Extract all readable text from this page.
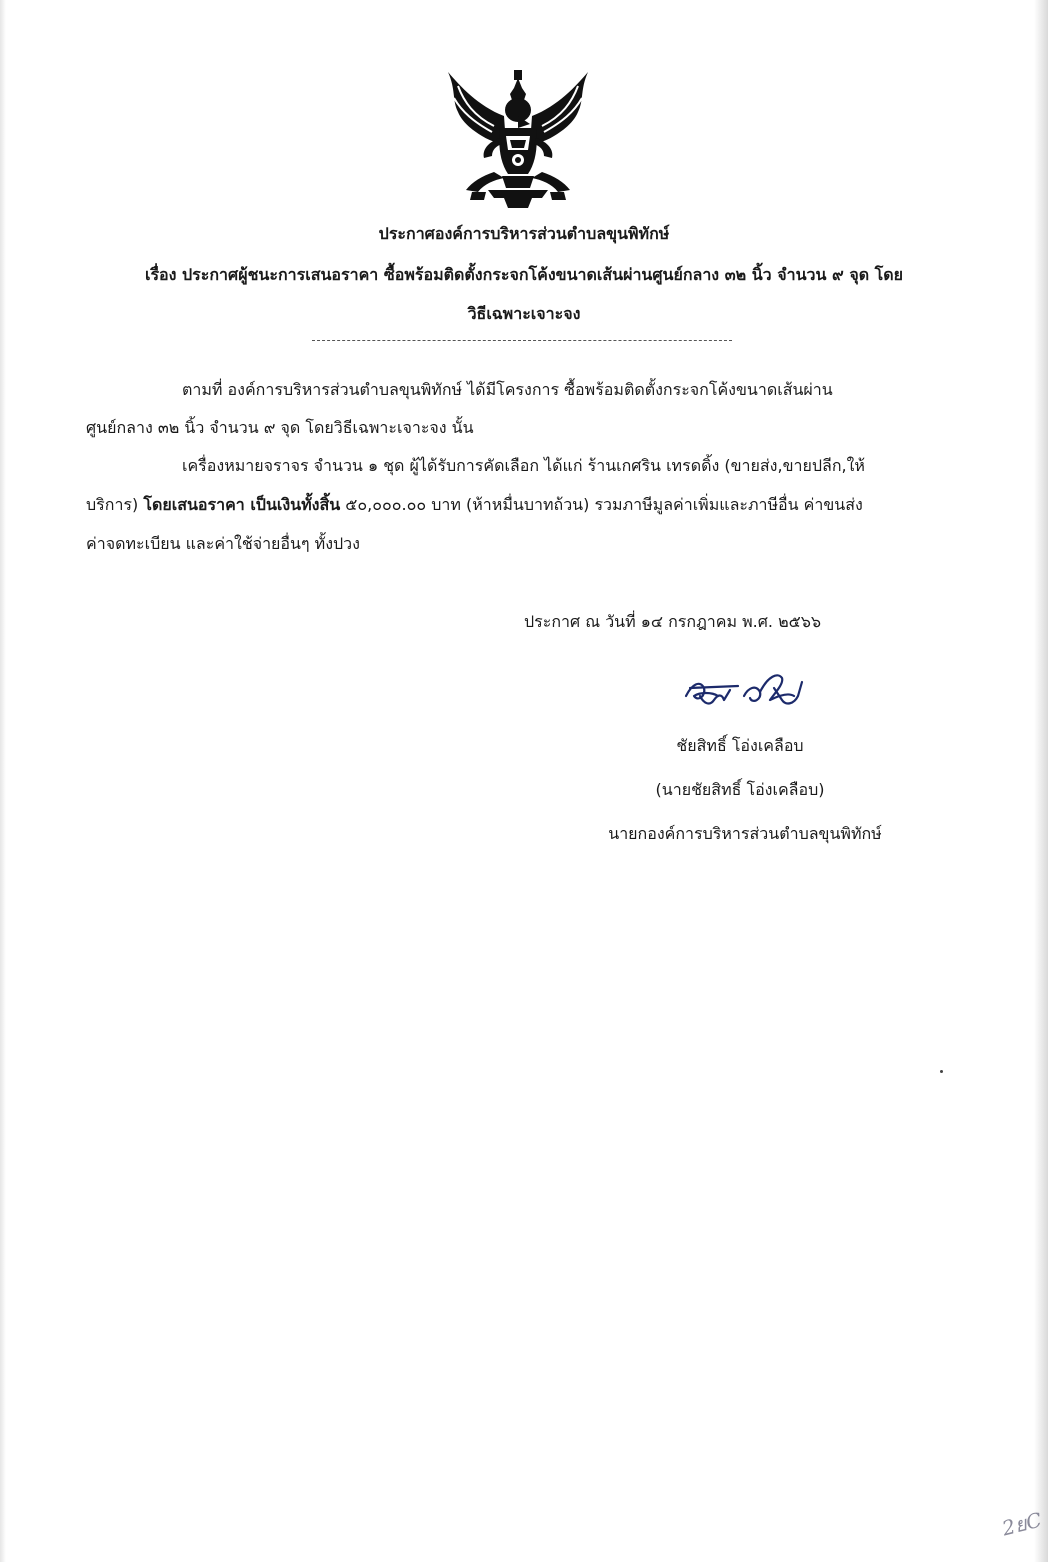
ประกาศองค์การบริหารส่วนตำบลขุนพิทักษ์
เรื่อง ประกาศผู้ชนะการเสนอราคา ซื้อพร้อมติดตั้งกระจกโค้งขนาดเส้นผ่านศูนย์กลาง ๓๒ นิ้ว จำนวน ๙ จุด โดย
วิธีเฉพาะเจาะจง
ตามที่ องค์การบริหารส่วนตำบลขุนพิทักษ์ ได้มีโครงการ ซื้อพร้อมติดตั้งกระจกโค้งขนาดเส้นผ่าน
ศูนย์กลาง ๓๒ นิ้ว จำนวน ๙ จุด โดยวิธีเฉพาะเจาะจง นั้น
เครื่องหมายจราจร จำนวน ๑ ชุด ผู้ได้รับการคัดเลือก ได้แก่ ร้านเกศริน เทรดดิ้ง (ขายส่ง,ขายปลีก,ให้
บริการ) โดยเสนอราคา เป็นเงินทั้งสิ้น ๕๐,๐๐๐.๐๐ บาท (ห้าหมื่นบาทถ้วน) รวมภาษีมูลค่าเพิ่มและภาษีอื่น ค่าขนส่ง
ค่าจดทะเบียน และค่าใช้จ่ายอื่นๆ ทั้งปวง
ประกาศ ณ วันที่ ๑๔ กรกฎาคม พ.ศ. ๒๕๖๖
ชัยสิทธิ์ โอ่งเคลือบ
(นายชัยสิทธิ์ โอ่งเคลือบ)
นายกองค์การบริหารส่วนตำบลขุนพิทักษ์
2ยC
